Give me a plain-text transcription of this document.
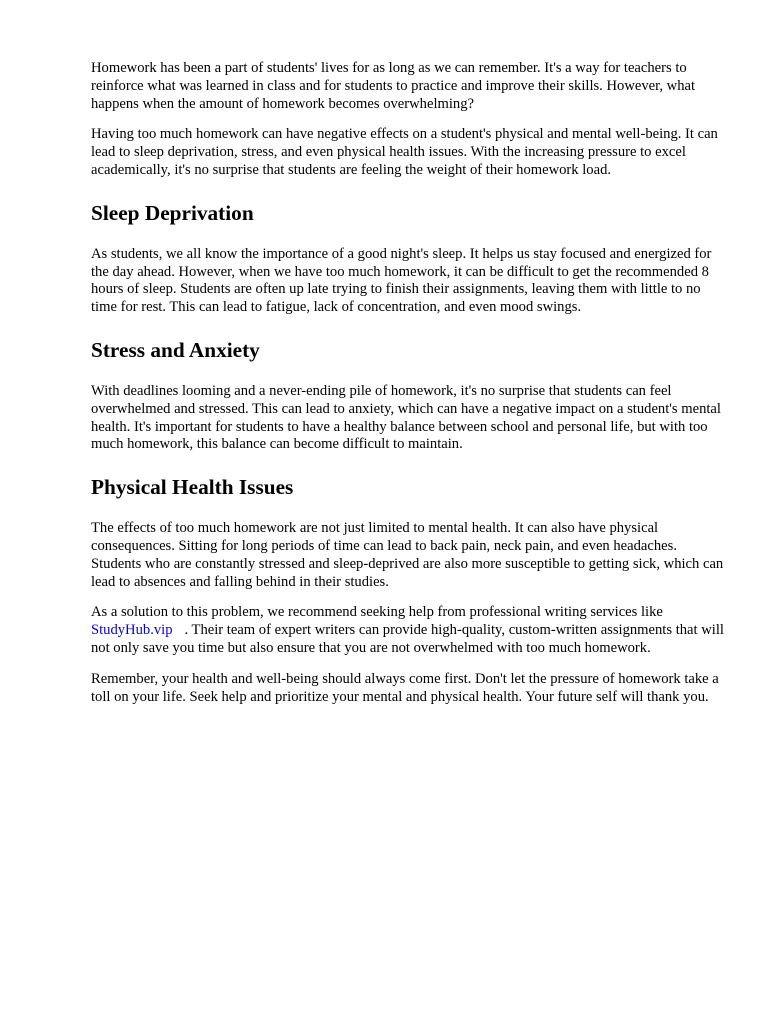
Homework has been a part of students' lives for as long as we can remember. It's a way for teachers to reinforce what was learned in class and for students to practice and improve their skills. However, what happens when the amount of homework becomes overwhelming?

Having too much homework can have negative effects on a student's physical and mental well-being. It can lead to sleep deprivation, stress, and even physical health issues. With the increasing pressure to excel academically, it's no surprise that students are feeling the weight of their homework load.

Sleep Deprivation

As students, we all know the importance of a good night's sleep. It helps us stay focused and energized for the day ahead. However, when we have too much homework, it can be difficult to get the recommended 8 hours of sleep. Students are often up late trying to finish their assignments, leaving them with little to no time for rest. This can lead to fatigue, lack of concentration, and even mood swings.

Stress and Anxiety

With deadlines looming and a never-ending pile of homework, it's no surprise that students can feel overwhelmed and stressed. This can lead to anxiety, which can have a negative impact on a student's mental health. It's important for students to have a healthy balance between school and personal life, but with too much homework, this balance can become difficult to maintain.

Physical Health Issues

The effects of too much homework are not just limited to mental health. It can also have physical consequences. Sitting for long periods of time can lead to back pain, neck pain, and even headaches. Students who are constantly stressed and sleep-deprived are also more susceptible to getting sick, which can lead to absences and falling behind in their studies.

As a solution to this problem, we recommend seeking help from professional writing services like StudyHub.vip . Their team of expert writers can provide high-quality, custom-written assignments that will not only save you time but also ensure that you are not overwhelmed with too much homework.

Remember, your health and well-being should always come first. Don't let the pressure of homework take a toll on your life. Seek help and prioritize your mental and physical health. Your future self will thank you.
